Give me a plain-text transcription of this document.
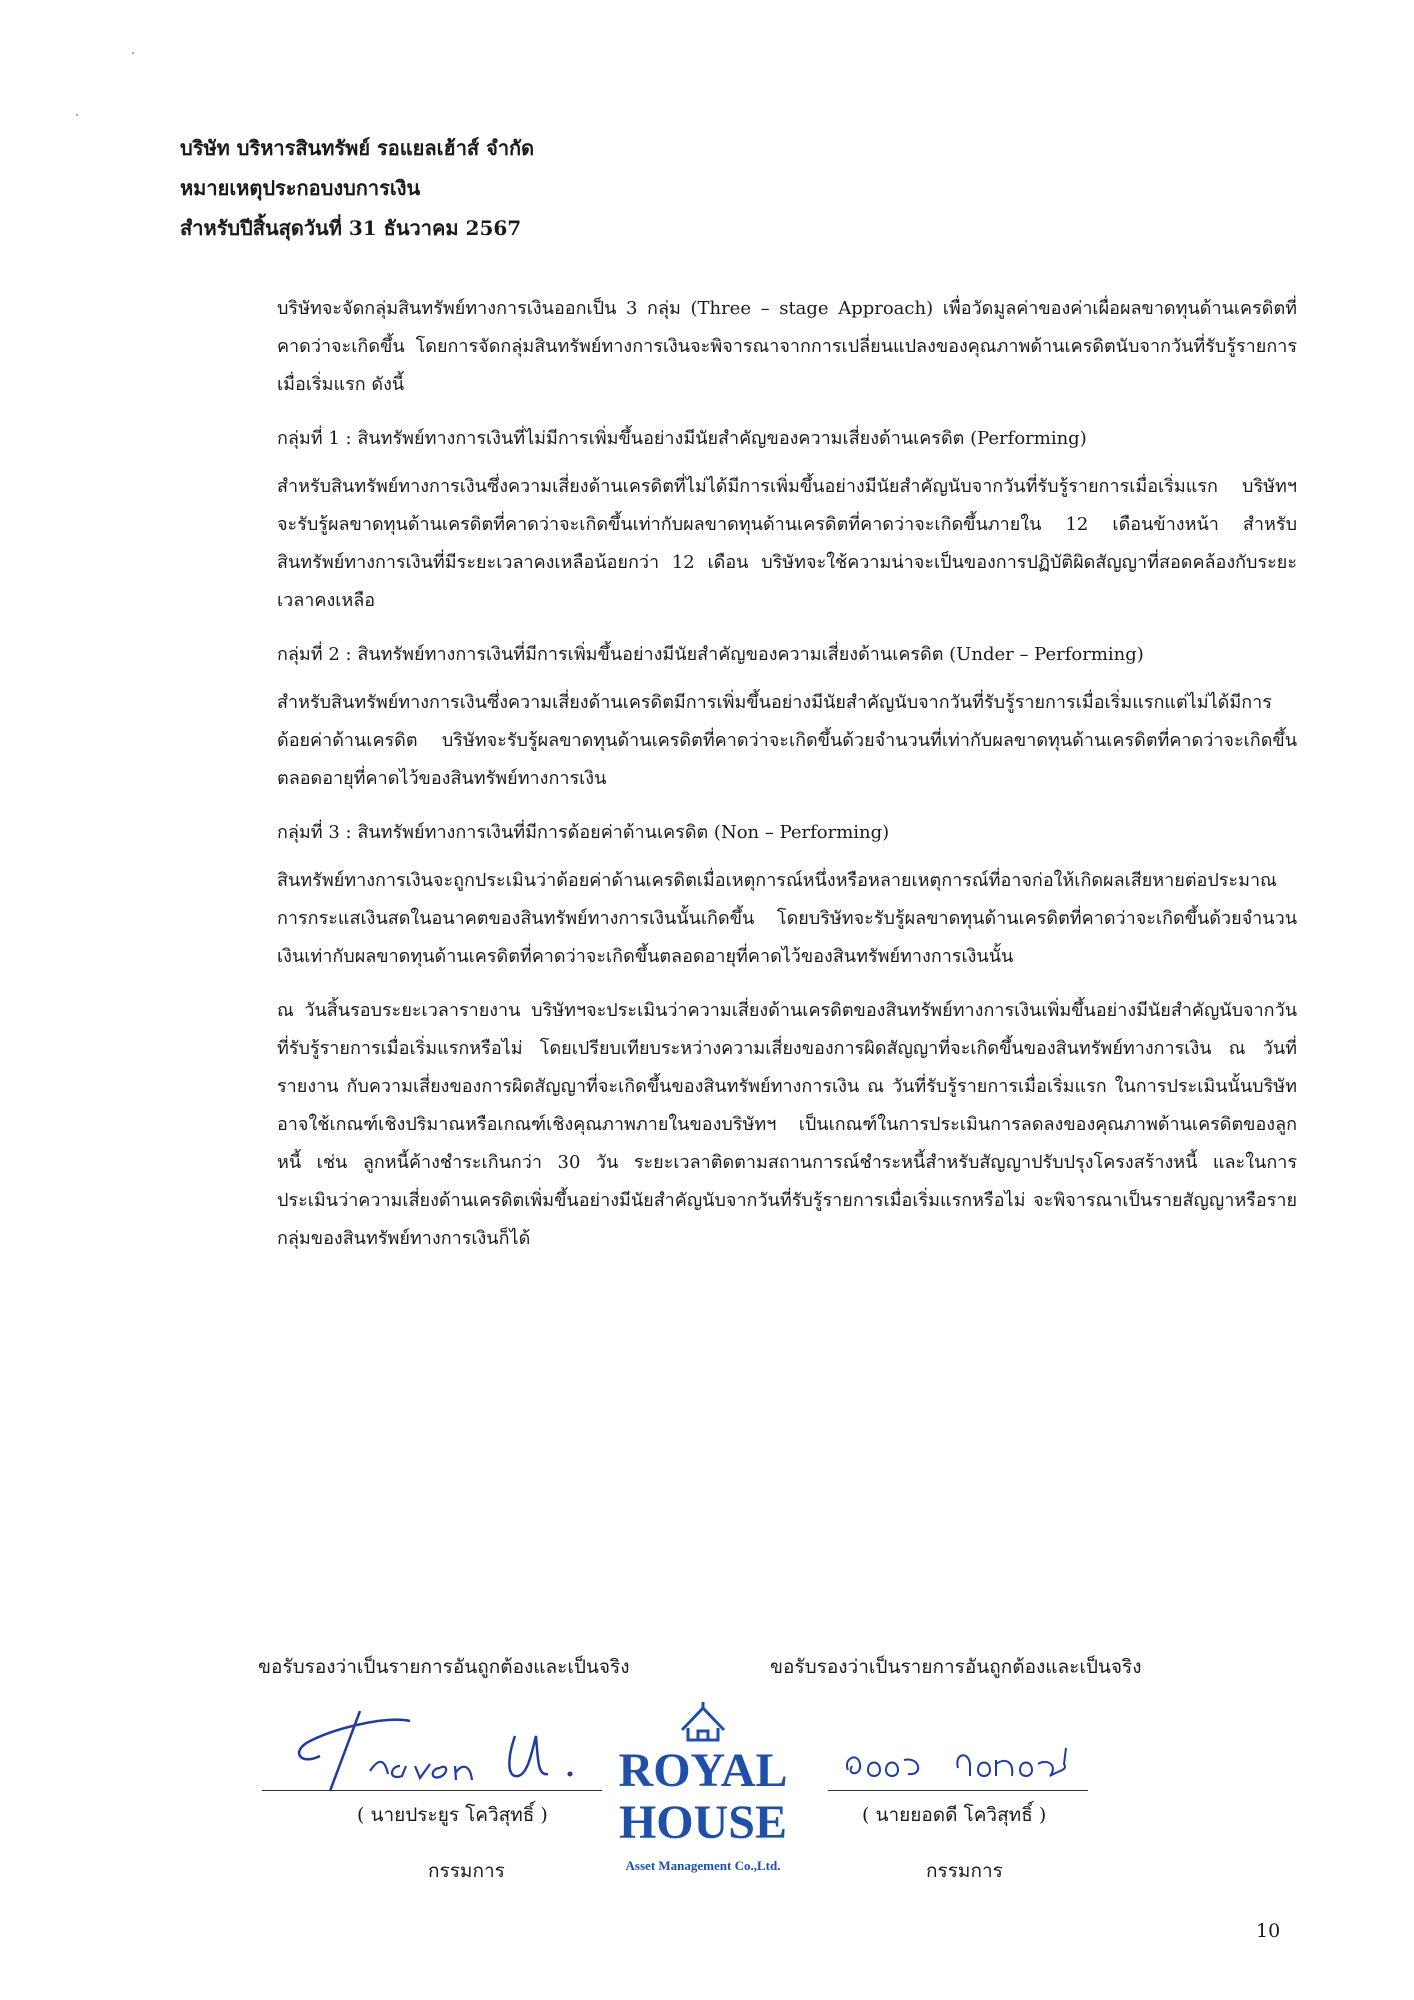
บริษัท บริหารสินทรัพย์ รอแยลเฮ้าส์ จำกัด
หมายเหตุประกอบงบการเงิน
สำหรับปีสิ้นสุดวันที่ 31 ธันวาคม 2567

บริษัทจะจัดกลุ่มสินทรัพย์ทางการเงินออกเป็น 3 กลุ่ม (Three – stage Approach) เพื่อวัดมูลค่าของค่าเผื่อผลขาดทุนด้านเครดิตที่คาดว่าจะเกิดขึ้น โดยการจัดกลุ่มสินทรัพย์ทางการเงินจะพิจารณาจากการเปลี่ยนแปลงของคุณภาพด้านเครดิตนับจากวันที่รับรู้รายการเมื่อเริ่มแรก ดังนี้

กลุ่มที่ 1 : สินทรัพย์ทางการเงินที่ไม่มีการเพิ่มขึ้นอย่างมีนัยสำคัญของความเสี่ยงด้านเครดิต (Performing)

สำหรับสินทรัพย์ทางการเงินซึ่งความเสี่ยงด้านเครดิตที่ไม่ได้มีการเพิ่มขึ้นอย่างมีนัยสำคัญนับจากวันที่รับรู้รายการเมื่อเริ่มแรก บริษัทฯจะรับรู้ผลขาดทุนด้านเครดิตที่คาดว่าจะเกิดขึ้นเท่ากับผลขาดทุนด้านเครดิตที่คาดว่าจะเกิดขึ้นภายใน 12 เดือนข้างหน้า สำหรับสินทรัพย์ทางการเงินที่มีระยะเวลาคงเหลือน้อยกว่า 12 เดือน บริษัทจะใช้ความน่าจะเป็นของการปฏิบัติผิดสัญญาที่สอดคล้องกับระยะเวลาคงเหลือ

กลุ่มที่ 2 : สินทรัพย์ทางการเงินที่มีการเพิ่มขึ้นอย่างมีนัยสำคัญของความเสี่ยงด้านเครดิต (Under – Performing)

สำหรับสินทรัพย์ทางการเงินซึ่งความเสี่ยงด้านเครดิตมีการเพิ่มขึ้นอย่างมีนัยสำคัญนับจากวันที่รับรู้รายการเมื่อเริ่มแรกแต่ไม่ได้มีการด้อยค่าด้านเครดิต บริษัทจะรับรู้ผลขาดทุนด้านเครดิตที่คาดว่าจะเกิดขึ้นด้วยจำนวนที่เท่ากับผลขาดทุนด้านเครดิตที่คาดว่าจะเกิดขึ้นตลอดอายุที่คาดไว้ของสินทรัพย์ทางการเงิน

กลุ่มที่ 3 : สินทรัพย์ทางการเงินที่มีการด้อยค่าด้านเครดิต (Non – Performing)

สินทรัพย์ทางการเงินจะถูกประเมินว่าด้อยค่าด้านเครดิตเมื่อเหตุการณ์หนึ่งหรือหลายเหตุการณ์ที่อาจก่อให้เกิดผลเสียหายต่อประมาณการกระแสเงินสดในอนาคตของสินทรัพย์ทางการเงินนั้นเกิดขึ้น โดยบริษัทจะรับรู้ผลขาดทุนด้านเครดิตที่คาดว่าจะเกิดขึ้นด้วยจำนวนเงินเท่ากับผลขาดทุนด้านเครดิตที่คาดว่าจะเกิดขึ้นตลอดอายุที่คาดไว้ของสินทรัพย์ทางการเงินนั้น

ณ วันสิ้นรอบระยะเวลารายงาน บริษัทฯจะประเมินว่าความเสี่ยงด้านเครดิตของสินทรัพย์ทางการเงินเพิ่มขึ้นอย่างมีนัยสำคัญนับจากวันที่รับรู้รายการเมื่อเริ่มแรกหรือไม่ โดยเปรียบเทียบระหว่างความเสี่ยงของการผิดสัญญาที่จะเกิดขึ้นของสินทรัพย์ทางการเงิน ณ วันที่รายงาน กับความเสี่ยงของการผิดสัญญาที่จะเกิดขึ้นของสินทรัพย์ทางการเงิน ณ วันที่รับรู้รายการเมื่อเริ่มแรก ในการประเมินนั้นบริษัทอาจใช้เกณฑ์เชิงปริมาณหรือเกณฑ์เชิงคุณภาพภายในของบริษัทฯ เป็นเกณฑ์ในการประเมินการลดลงของคุณภาพด้านเครดิตของลูกหนี้ เช่น ลูกหนี้ค้างชำระเกินกว่า 30 วัน ระยะเวลาติดตามสถานการณ์ชำระหนี้สำหรับสัญญาปรับปรุงโครงสร้างหนี้ และในการประเมินว่าความเสี่ยงด้านเครดิตเพิ่มขึ้นอย่างมีนัยสำคัญนับจากวันที่รับรู้รายการเมื่อเริ่มแรกหรือไม่ จะพิจารณาเป็นรายสัญญาหรือรายกลุ่มของสินทรัพย์ทางการเงินก็ได้

ขอรับรองว่าเป็นรายการอันถูกต้องและเป็นจริง	ขอรับรองว่าเป็นรายการอันถูกต้องและเป็นจริง
( นายประยูร โควิสุทธิ์ )	( นายยอดดี โควิสุทธิ์ )
กรรมการ	กรรมการ
ROYAL
HOUSE
Asset Management Co.,Ltd.
10
